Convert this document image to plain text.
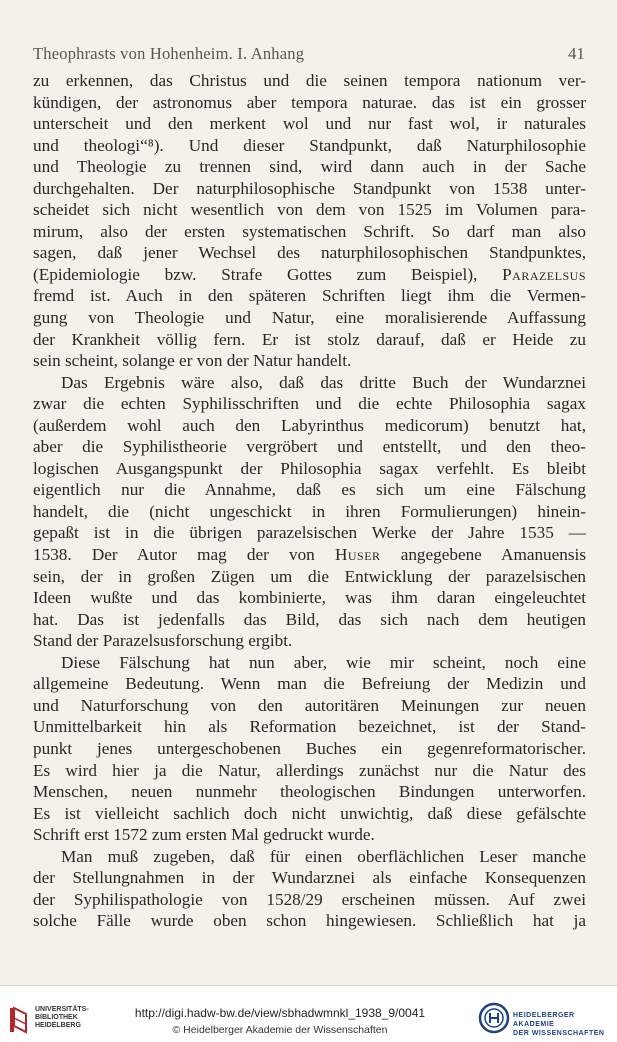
Theophrasts von Hohenheim. I. Anhang	41
zu erkennen, das Christus und die seinen tempora nationum ver-
kündigen, der astronomus aber tempora naturae. das ist ein grosser
unterscheit und den merkent wol und nur fast wol, ir naturales
und theologi“⁸). Und dieser Standpunkt, daß Naturphilosophie
und Theologie zu trennen sind, wird dann auch in der Sache
durchgehalten. Der naturphilosophische Standpunkt von 1538 unter-
scheidet sich nicht wesentlich von dem von 1525 im Volumen para-
mirum, also der ersten systematischen Schrift. So darf man also
sagen, daß jener Wechsel des naturphilosophischen Standpunktes,
(Epidemiologie bzw. Strafe Gottes zum Beispiel), Parazelsus
fremd ist. Auch in den späteren Schriften liegt ihm die Vermen-
gung von Theologie und Natur, eine moralisierende Auffassung
der Krankheit völlig fern. Er ist stolz darauf, daß er Heide zu
sein scheint, solange er von der Natur handelt.
Das Ergebnis wäre also, daß das dritte Buch der Wundarznei
zwar die echten Syphilisschriften und die echte Philosophia sagax
(außerdem wohl auch den Labyrinthus medicorum) benutzt hat,
aber die Syphilistheorie vergröbert und entstellt, und den theo-
logischen Ausgangspunkt der Philosophia sagax verfehlt. Es bleibt
eigentlich nur die Annahme, daß es sich um eine Fälschung
handelt, die (nicht ungeschickt in ihren Formulierungen) hinein-
gepaßt ist in die übrigen parazelsischen Werke der Jahre 1535 —
1538. Der Autor mag der von Huser angegebene Amanuensis
sein, der in großen Zügen um die Entwicklung der parazelsischen
Ideen wußte und das kombinierte, was ihm daran eingeleuchtet
hat. Das ist jedenfalls das Bild, das sich nach dem heutigen
Stand der Parazelsusforschung ergibt.
Diese Fälschung hat nun aber, wie mir scheint, noch eine
allgemeine Bedeutung. Wenn man die Befreiung der Medizin und
und Naturforschung von den autoritären Meinungen zur neuen
Unmittelbarkeit hin als Reformation bezeichnet, ist der Stand-
punkt jenes untergeschobenen Buches ein gegenreformatorischer.
Es wird hier ja die Natur, allerdings zunächst nur die Natur des
Menschen, neuen nunmehr theologischen Bindungen unterworfen.
Es ist vielleicht sachlich doch nicht unwichtig, daß diese gefälschte
Schrift erst 1572 zum ersten Mal gedruckt wurde.
Man muß zugeben, daß für einen oberflächlichen Leser manche
der Stellungnahmen in der Wundarznei als einfache Konsequenzen
der Syphilispathologie von 1528/29 erscheinen müssen. Auf zwei
solche Fälle wurde oben schon hingewiesen. Schließlich hat ja
UNIVERSITÄTS-
BIBLIOTHEK
HEIDELBERG
http://digi.hadw-bw.de/view/sbhadwmnkl_1938_9/0041
© Heidelberger Akademie der Wissenschaften
HEIDELBERGER AKADEMIE
DER WISSENSCHAFTEN
